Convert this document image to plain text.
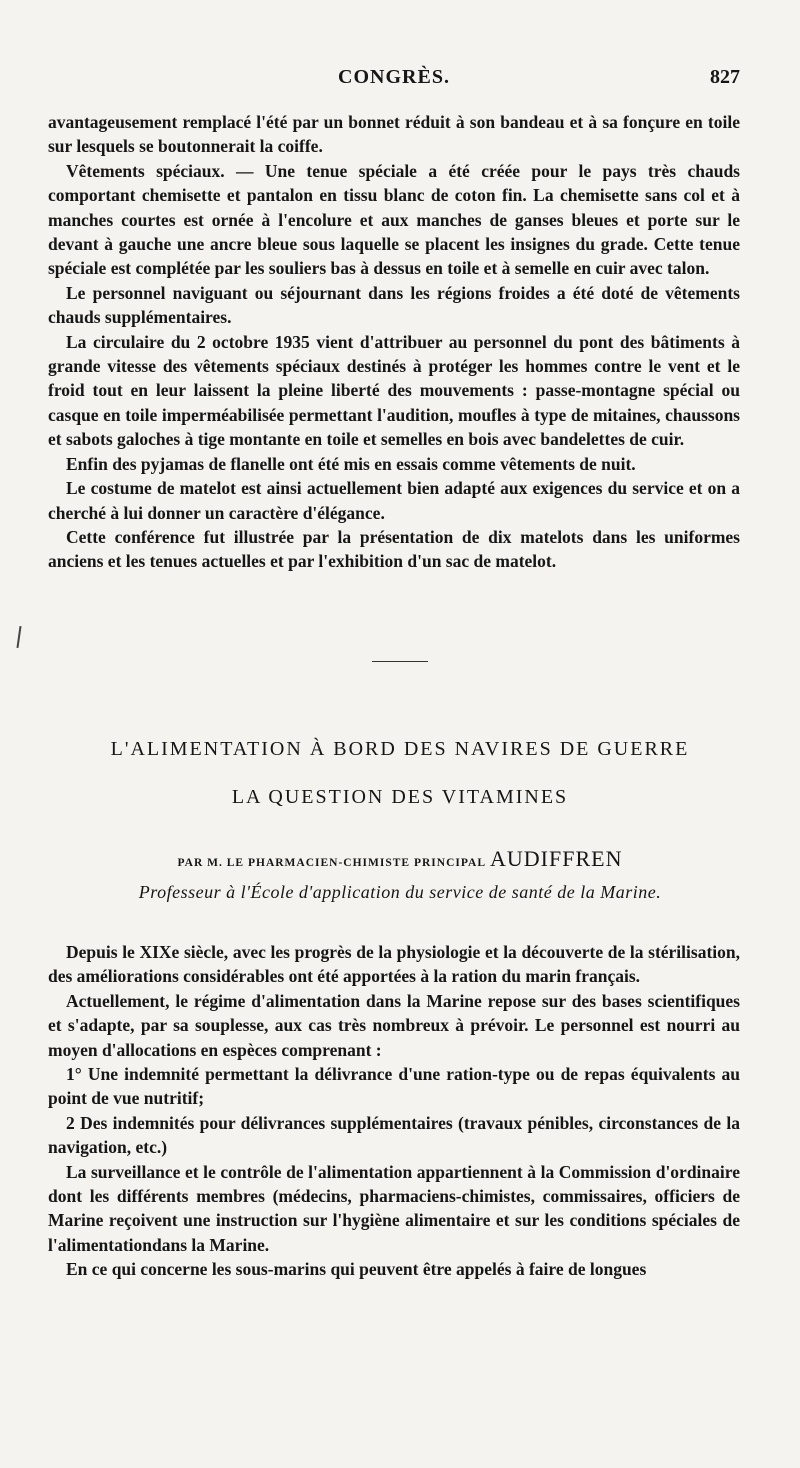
CONGRÈS.	827

avantageusement remplacé l'été par un bonnet réduit à son bandeau et à sa fonçure en toile sur lesquels se boutonnerait la coiffe.

Vêtements spéciaux. — Une tenue spéciale a été créée pour le pays très chauds comportant chemisette et pantalon en tissu blanc de coton fin. La chemisette sans col et à manches courtes est ornée à l'encolure et aux manches de ganses bleues et porte sur le devant à gauche une ancre bleue sous laquelle se placent les insignes du grade. Cette tenue spéciale est complétée par les souliers bas à dessus en toile et à semelle en cuir avec talon.

Le personnel naviguant ou séjournant dans les régions froides a été doté de vêtements chauds supplémentaires.

La circulaire du 2 octobre 1935 vient d'attribuer au personnel du pont des bâtiments à grande vitesse des vêtements spéciaux destinés à protéger les hommes contre le vent et le froid tout en leur laissent la pleine liberté des mouvements : passe-montagne spécial ou casque en toile imperméabilisée permettant l'audition, moufles à type de mitaines, chaussons et sabots galoches à tige montante en toile et semelles en bois avec bandelettes de cuir.

Enfin des pyjamas de flanelle ont été mis en essais comme vêtements de nuit.

Le costume de matelot est ainsi actuellement bien adapté aux exigences du service et on a cherché à lui donner un caractère d'élégance.

Cette conférence fut illustrée par la présentation de dix matelots dans les uniformes anciens et les tenues actuelles et par l'exhibition d'un sac de matelot.

L'ALIMENTATION À BORD DES NAVIRES DE GUERRE
LA QUESTION DES VITAMINES
PAR M. LE PHARMACIEN-CHIMISTE PRINCIPAL AUDIFFREN
Professeur à l'École d'application du service de santé de la Marine.

Depuis le XIXe siècle, avec les progrès de la physiologie et la découverte de la stérilisation, des améliorations considérables ont été apportées à la ration du marin français.

Actuellement, le régime d'alimentation dans la Marine repose sur des bases scientifiques et s'adapte, par sa souplesse, aux cas très nombreux à prévoir. Le personnel est nourri au moyen d'allocations en espèces comprenant :

1° Une indemnité permettant la délivrance d'une ration-type ou de repas équivalents au point de vue nutritif;

2 Des indemnités pour délivrances supplémentaires (travaux pénibles, circonstances de la navigation, etc.)

La surveillance et le contrôle de l'alimentation appartiennent à la Commission d'ordinaire dont les différents membres (médecins, pharmaciens-chimistes, commissaires, officiers de Marine reçoivent une instruction sur l'hygiène alimentaire et sur les conditions spéciales de l'alimentationdans la Marine.

En ce qui concerne les sous-marins qui peuvent être appelés à faire de longues
